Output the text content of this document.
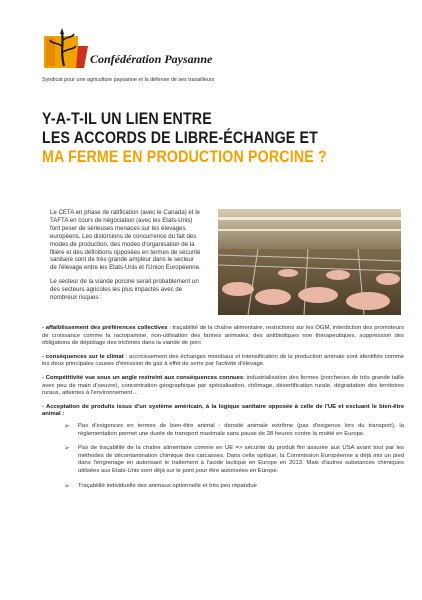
Confédération Paysanne
Syndicat pour une agriculture paysanne et la défense de ses travailleurs
Y-A-T-IL UN LIEN ENTRE
LES ACCORDS DE LIBRE-ÉCHANGE ET
MA FERME EN PRODUCTION PORCINE ?

Le CETA en phase de ratification (avec le Canada) et le TAFTA en cours de négociation (avec les Etats-Unis) font peser de sérieuses menaces sur les élevages européens. Les distorsions de concurrence du fait des modes de production, des modes d'organisation de la filière et des définitions opposées en termes de sécurité sanitaire sont de très grande ampleur dans le secteur de l'élevage entre les Etats-Unis et l'Union Européenne.

Le secteur de la viande porcine serait probablement un des secteurs agricoles les plus impactés avec de nombreux risques :

- affaiblissement des préférences collectives : traçabilité de la chaîne alimentaire, restrictions sur les OGM, interdiction des promoteurs de croissance comme la ractopamine, non-utilisation des farines animales, des antibiotiques non thérapeutiques, suppression des obligations de dépistage des trichines dans la viande de porc

- conséquences sur le climat : accroissement des échanges mondiaux et intensification de la production animale sont identifiés comme les deux principales causes d'émission de gaz à effet de serre par l'activité d'élevage.

- Compétitivité vue sous un angle restreint aux conséquences connues: industrialisation des fermes (porcheries de très grande taille avec peu de main d'oeuvre), concentration géographique par spécialisation, chômage, désertification rurale, dégradation des territoires ruraux, atteintes à l'environnement…

- Acceptation de produits issus d'un système américain, à la logique sanitaire opposée à celle de l'UE et excluant le bien-être animal :

➢	Pas d'exigences en termes de bien-être animal : densité animale extrême (pas d'exigence lors du transport), la réglementation permet une durée de transport maximale sans pause de 28 heures contre la moitié en Europe.
➢	Pas de traçabilité de la chaîne alimentaire comme en UE => sécurité du produit fini assurée aux USA avant tout par les méthodes de décontamination chimique des carcasses. Dans cette optique, la Commission Européenne a déjà mis un pied dans l'engrenage en autorisant le traitement à l'acide lactique en Europe en 2013. Mais d'autres substances chimiques utilisées aux Etats-Unis sont déjà sur le pont pour être autorisées en Europe.
➢	Traçabilité individuelle des animaux optionnelle et très peu répandue
